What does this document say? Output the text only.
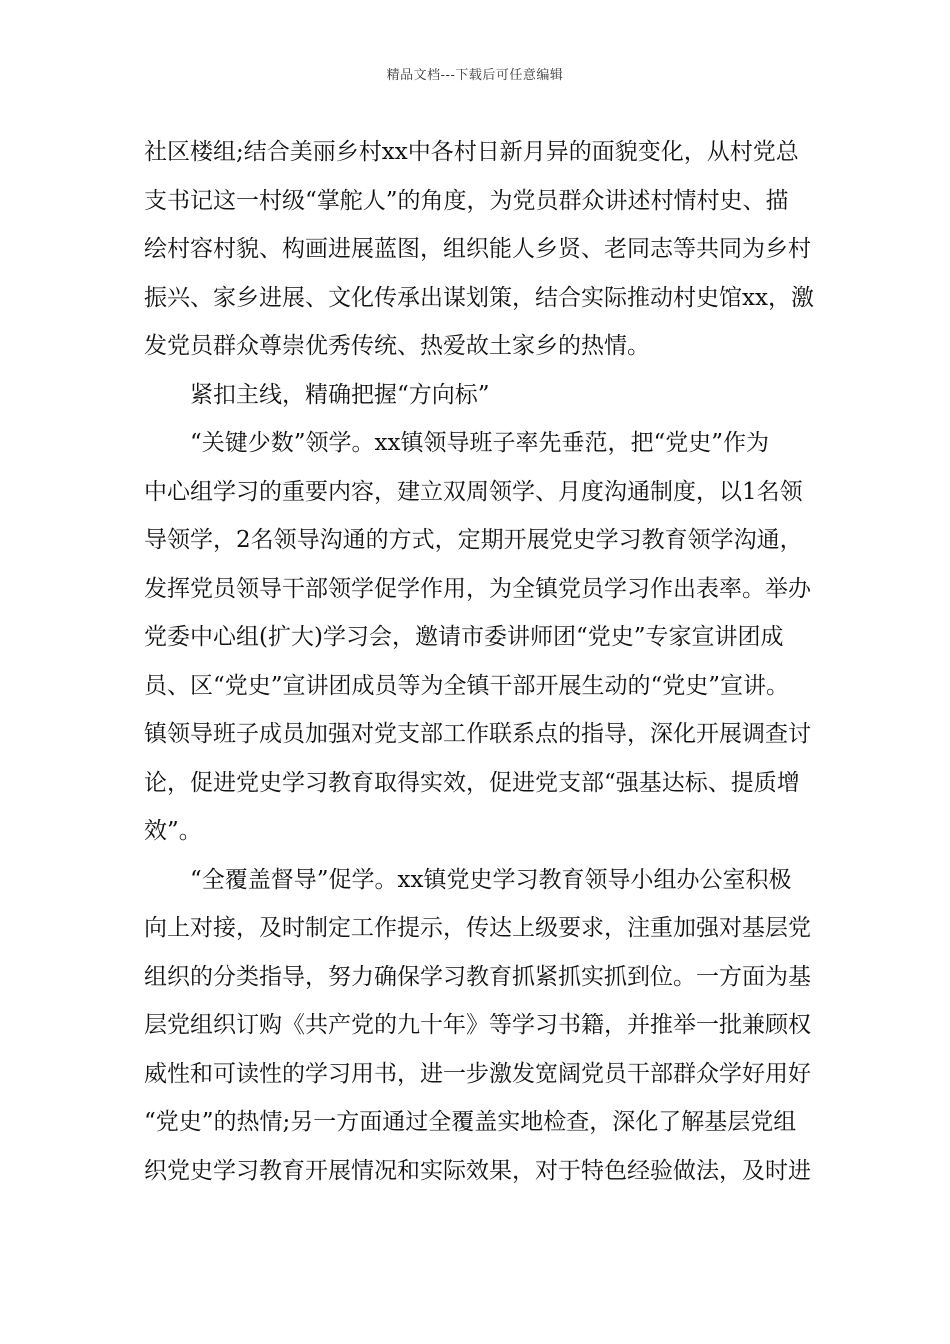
精品文档---下载后可任意编辑

社区楼组;结合美丽乡村xx中各村日新月异的面貌变化，从村党总
支书记这一村级“掌舵人”的角度，为党员群众讲述村情村史、描
绘村容村貌、构画进展蓝图，组织能人乡贤、老同志等共同为乡村
振兴、家乡进展、文化传承出谋划策，结合实际推动村史馆xx，激
发党员群众尊崇优秀传统、热爱故土家乡的热情。

紧扣主线，精确把握“方向标”

“关键少数”领学。xx镇领导班子率先垂范，把“党史”作为
中心组学习的重要内容，建立双周领学、月度沟通制度，以1名领
导领学，2名领导沟通的方式，定期开展党史学习教育领学沟通，
发挥党员领导干部领学促学作用，为全镇党员学习作出表率。举办
党委中心组(扩大)学习会，邀请市委讲师团“党史”专家宣讲团成
员、区“党史”宣讲团成员等为全镇干部开展生动的“党史”宣讲。
镇领导班子成员加强对党支部工作联系点的指导，深化开展调查讨
论，促进党史学习教育取得实效，促进党支部“强基达标、提质增
效”。

“全覆盖督导”促学。xx镇党史学习教育领导小组办公室积极
向上对接，及时制定工作提示，传达上级要求，注重加强对基层党
组织的分类指导，努力确保学习教育抓紧抓实抓到位。一方面为基
层党组织订购《共产党的九十年》等学习书籍，并推举一批兼顾权
威性和可读性的学习用书，进一步激发宽阔党员干部群众学好用好
“党史”的热情;另一方面通过全覆盖实地检查，深化了解基层党组
织党史学习教育开展情况和实际效果，对于特色经验做法，及时进
